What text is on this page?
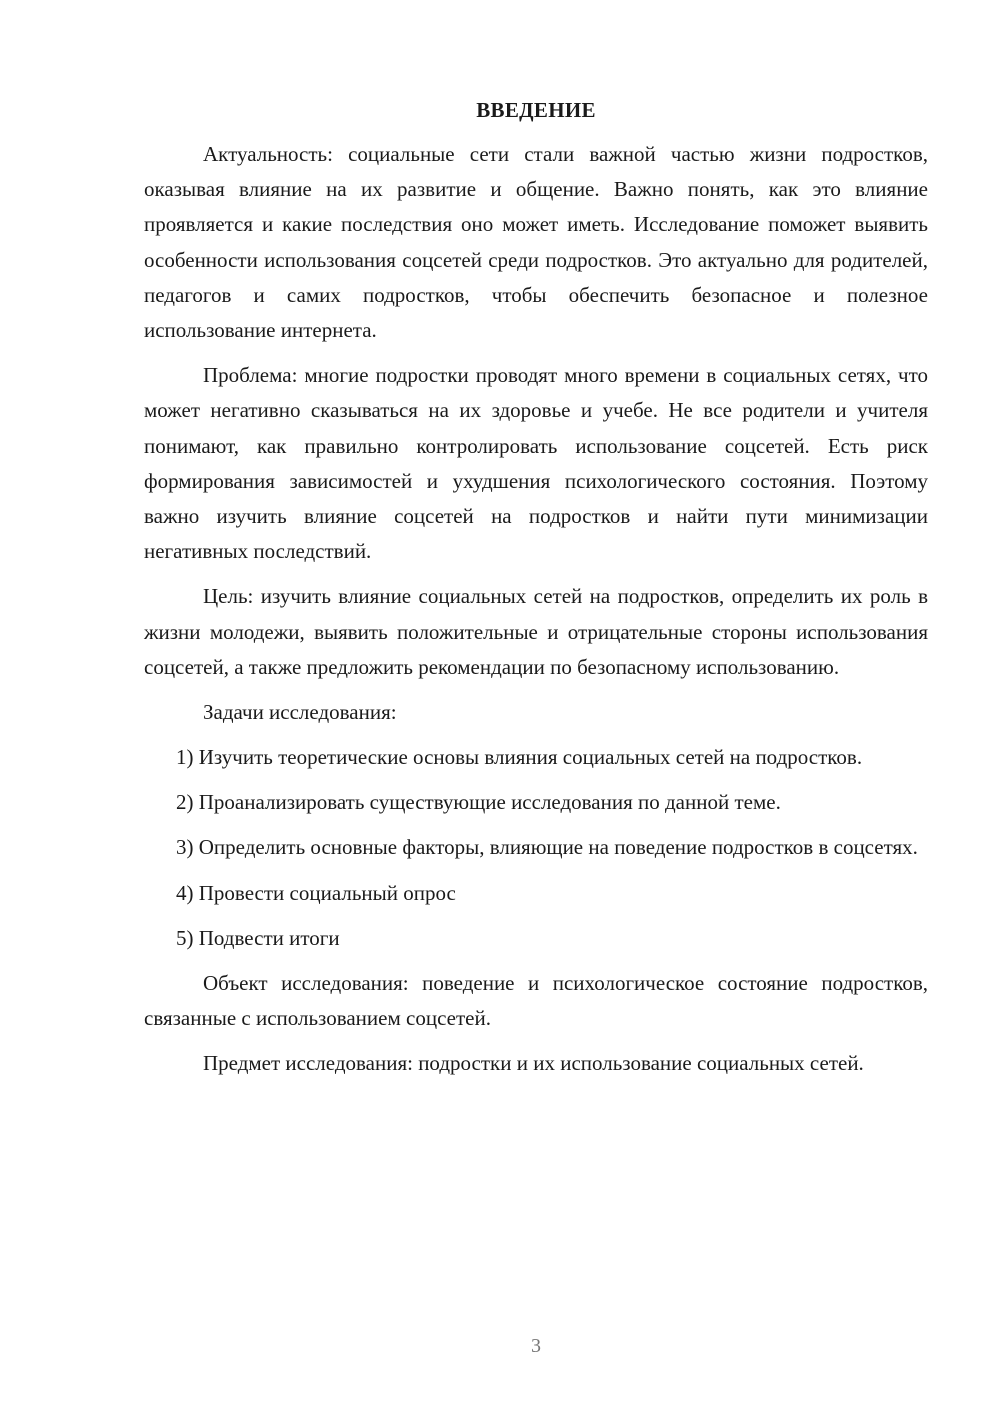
ВВЕДЕНИЕ

Актуальность: социальные сети стали важной частью жизни подростков, оказывая влияние на их развитие и общение. Важно понять, как это влияние проявляется и какие последствия оно может иметь. Исследование поможет выявить особенности использования соцсетей среди подростков. Это актуально для родителей, педагогов и самих подростков, чтобы обеспечить безопасное и полезное использование интернета.

Проблема: многие подростки проводят много времени в социальных сетях, что может негативно сказываться на их здоровье и учебе. Не все родители и учителя понимают, как правильно контролировать использование соцсетей. Есть риск формирования зависимостей и ухудшения психологического состояния. Поэтому важно изучить влияние соцсетей на подростков и найти пути минимизации негативных последствий.

Цель: изучить влияние социальных сетей на подростков, определить их роль в жизни молодежи, выявить положительные и отрицательные стороны использования соцсетей, а также предложить рекомендации по безопасному использованию.

Задачи исследования:

1) Изучить теоретические основы влияния социальных сетей на подростков.

2) Проанализировать существующие исследования по данной теме.

3) Определить основные факторы, влияющие на поведение подростков в соцсетях.

4) Провести социальный опрос

5) Подвести итоги

Объект исследования: поведение и психологическое состояние подростков, связанные с использованием соцсетей.

Предмет исследования: подростки и их использование социальных сетей.

3
